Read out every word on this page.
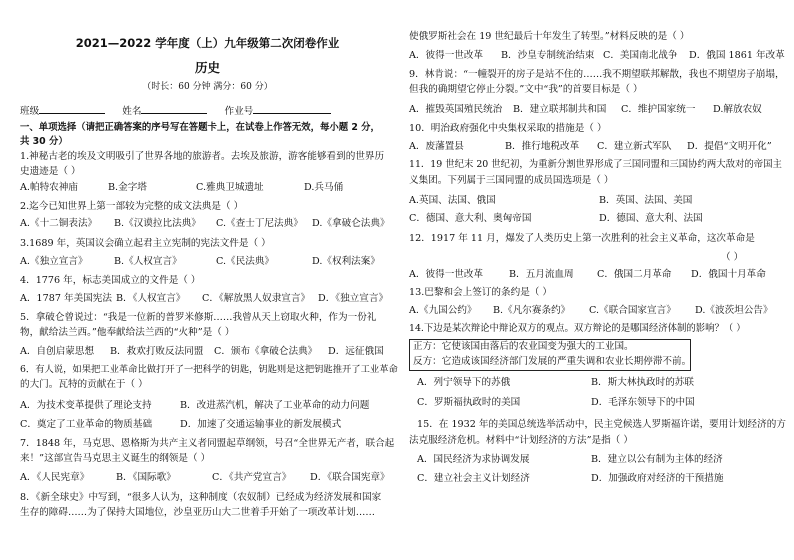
2021—2022 学年度（上）九年级第二次闭卷作业
历史
（时长：60 分钟 满分：60 分）
班级	姓名	作业号
一、单项选择（请把正确答案的序号写在答题卡上，在试卷上作答无效，每小题 2 分，
共 30 分）
1.神秘古老的埃及文明吸引了世界各地的旅游者。去埃及旅游，游客能够看到的世界历
史遗迹是（ ）
A.帕特农神庙	B.金字塔	C.雅典卫城遗址	D.兵马俑
2.迄今已知世界上第一部较为完整的成文法典是（ ）
A.《十二铜表法》 B.《汉谟拉比法典》 C.《查士丁尼法典》 D.《拿破仑法典》
3.1689 年，英国议会确立起君主立宪制的宪法文件是（ ）
A.《独立宣言》	B.《人权宣言》	C.《民法典》	D.《权利法案》
4．1776 年，标志美国成立的文件是（ ）
A．1787 年美国宪法 B．《人权宣言》 C．《解放黑人奴隶宣言》 D．《独立宣言》
5．拿破仑曾说过：“我是一位新的普罗米修斯……我曾从天上窃取火种，作为一份礼
物，献给法兰西。”他奉献给法兰西的“火种”是（ ）
A．自创启蒙思想 B．救欢打败反法同盟 C．颁布《拿破仑法典》 D．远征俄国
6．有人说，如果把工业革命比做打开了一把科学的钥匙，钥匙则是这把钥匙推开了工业革命
的大门。瓦特的贡献在于（ ）
A．为技术变革提供了理论支持	B．改进蒸汽机，解决了工业革命的动力问题
C．奠定了工业革命的物质基础	D．加速了交通运输事业的新发展模式
7．1848 年，马克思、恩格斯为共产主义者同盟起草纲领，号召“全世界无产者，联合起
来！”这部宣告马克思主义诞生的纲领是（ ）
A．《人民宪章》	B．《国际歌》	C．《共产党宣言》 D．《联合国宪章》
8．《新全球史》中写到，“很多人认为，这种制度（农奴制）已经成为经济发展和国家
生存的障碍……为了保持大国地位，沙皇亚历山大二世着手开始了一项改革计划……
使俄罗斯社会在 19 世纪最后十年发生了转型。”材料反映的是（ ）
A．彼得一世改革 B．沙皇专制统治结束 C．美国南北战争 D．俄国 1861 年改革
9．林肯说：“一幢裂开的房子是站不住的……我不期望联邦解散，我也不期望房子崩塌，
但我的确期望它停止分裂。”文中“我”的首要目标是（ ）
A．摧毁英国殖民统治 B．建立联邦制共和国 C．维护国家统一 D.解放农奴
10．明治政府强化中央集权采取的措施是（ ）
A．废藩置县	B．推行地税改革 C．建立新式军队 D．提倡“文明开化”
11．19 世纪末 20 世纪初，为重新分割世界形成了三国同盟和三国协约两大敌对的帝国主
义集团。下列属于三国同盟的成员国选项是（ ）
A.英国、法国、俄国	B．英国、法国、美国
C．德国、意大利、奥匈帝国	D．德国、意大利、法国
12．1917 年 11 月，爆发了人类历史上第一次胜利的社会主义革命，这次革命是
（ ）
A．彼得一世改革	B．五月流血周 C．俄国二月革命 D．俄国十月革命
13.巴黎和会上签订的条约是（ ）
A.《九国公约》 B.《凡尔赛条约》 C.《联合国家宣言》 D.《波茨坦公告》
14.下边是某次辩论中辩论双方的观点。双方辩论的是哪国经济体制的影响？（ ）
正方：它使该国由落后的农业国变为强大的工业国。
反方：它造成该国经济部门发展的严重失调和农业长期停滞不前。
A．列宁领导下的苏俄	B．斯大林执政时的苏联
C．罗斯福执政时的美国	D．毛泽东领导下的中国
15．在 1932 年的美国总统选举活动中，民主党候选人罗斯福许诺，要用计划经济的方
法克服经济危机。材料中“计划经济的方法”是指（ ）
A．国民经济为求协调发展	B．建立以公有制为主体的经济
C．建立社会主义计划经济	D．加强政府对经济的干预措施
